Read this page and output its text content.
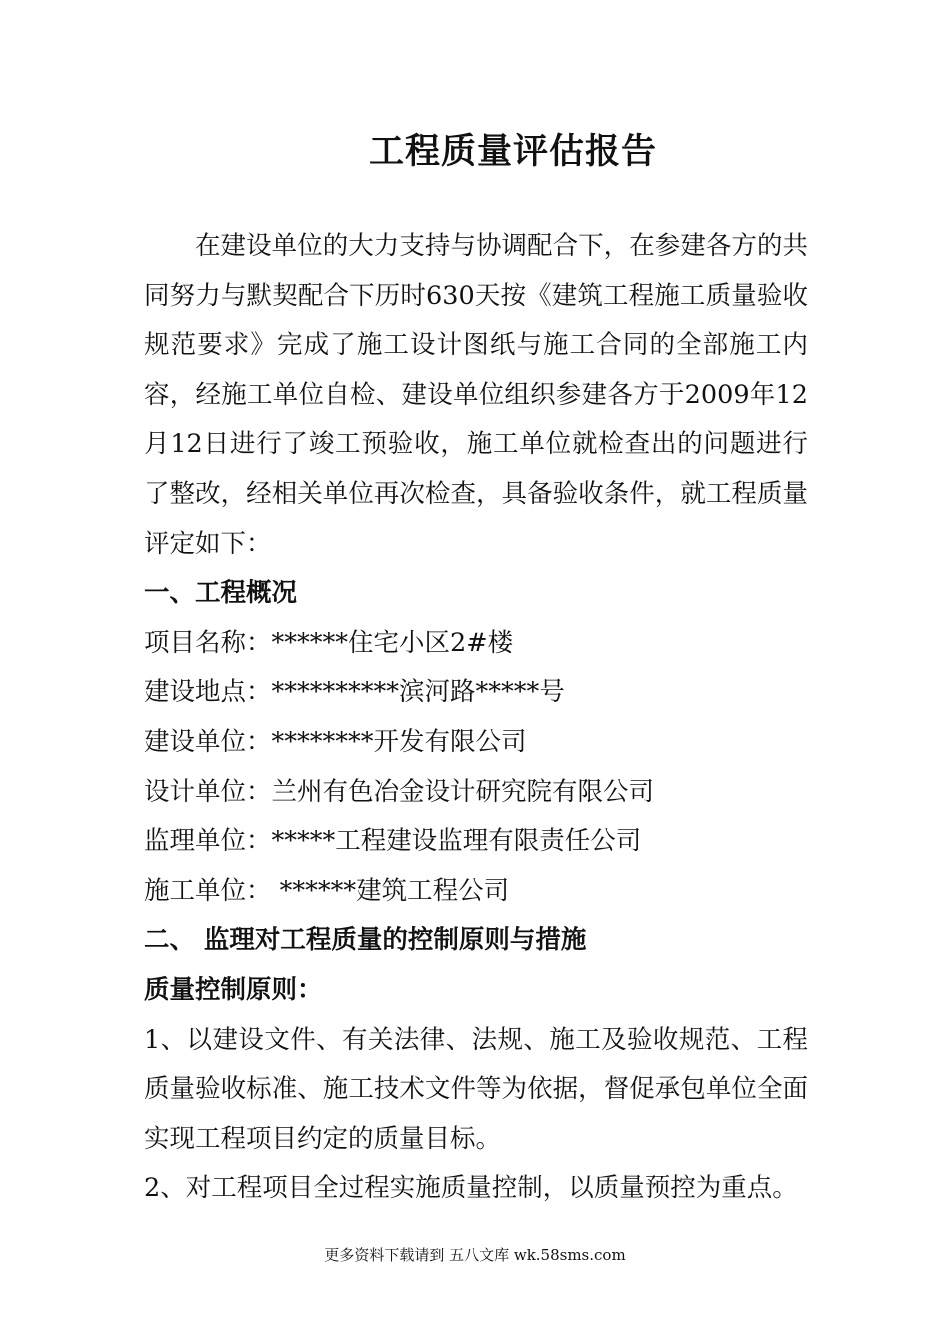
工程质量评估报告

在建设单位的大力支持与协调配合下，在参建各方的共同努力与默契配合下历时630天按《建筑工程施工质量验收规范要求》完成了施工设计图纸与施工合同的全部施工内容，经施工单位自检、建设单位组织参建各方于2009年12月12日进行了竣工预验收，施工单位就检查出的问题进行了整改，经相关单位再次检查，具备验收条件，就工程质量评定如下：

一、工程概况

项目名称：******住宅小区2#楼

建设地点：**********滨河路*****号

建设单位：********开发有限公司

设计单位：兰州有色冶金设计研究院有限公司

监理单位：*****工程建设监理有限责任公司

施工单位： ******建筑工程公司

二、 监理对工程质量的控制原则与措施

质量控制原则：

1、以建设文件、有关法律、法规、施工及验收规范、工程质量验收标准、施工技术文件等为依据，督促承包单位全面实现工程项目约定的质量目标。

2、对工程项目全过程实施质量控制，以质量预控为重点。

更多资料下载请到 五八文库 wk.58sms.com
